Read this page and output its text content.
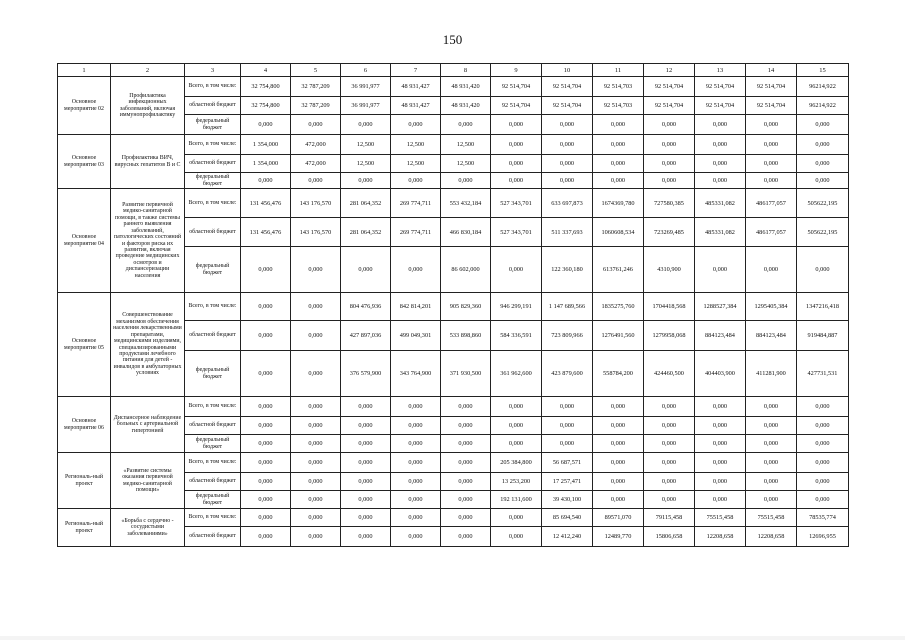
150
1	2	3	4	5	6	7	8	9	10	11	12	13	14	15
Основное мероприятие 02	Профилактика инфекционных заболеваний, включая иммунопрофилактику	Всего, в том числе:	32 754,800	32 787,209	36 991,977	48 931,427	48 931,420	92 514,704	92 514,704	92 514,703	92 514,704	92 514,704	92 514,704	96214,922
		областной бюджет	32 754,800	32 787,209	36 991,977	48 931,427	48 931,420	92 514,704	92 514,704	92 514,703	92 514,704	92 514,704	92 514,704	96214,922
		федеральный бюджет	0,000	0,000	0,000	0,000	0,000	0,000	0,000	0,000	0,000	0,000	0,000	0,000
Основное мероприятие 03	Профилактика ВИЧ, вирусных гепатитов В и С	Всего, в том числе:	1 354,000	472,000	12,500	12,500	12,500	0,000	0,000	0,000	0,000	0,000	0,000	0,000
		областной бюджет	1 354,000	472,000	12,500	12,500	12,500	0,000	0,000	0,000	0,000	0,000	0,000	0,000
		федеральный бюджет	0,000	0,000	0,000	0,000	0,000	0,000	0,000	0,000	0,000	0,000	0,000	0,000
Основное мероприятие 04	Развитие первичной медико-санитарной помощи, в также системы раннего выявления заболеваний, патологических состояний и факторов риска их развития, включая проведение медицинских осмотров и диспансеризации населения	Всего, в том числе:	131 456,476	143 176,570	281 064,352	269 774,711	553 432,184	527 343,701	633 697,873	1674369,780	727580,385	485331,082	486177,057	505622,195
		областной бюджет	131 456,476	143 176,570	281 064,352	269 774,711	466 830,184	527 343,701	511 337,693	1060608,534	723269,485	485331,082	486177,057	505622,195
		федеральный бюджет	0,000	0,000	0,000	0,000	86 602,000	0,000	122 360,180	613761,246	4310,900	0,000	0,000	0,000
Основное мероприятие 05	Совершенствование механизмов обеспечения населения лекарственными препаратами, медицинскими изделиями, специализированными продуктами лечебного питания для детей - инвалидов в амбулаторных условиях	Всего, в том числе:	0,000	0,000	804 476,936	842 814,201	905 829,360	946 299,191	1 147 689,566	1835275,760	1704418,568	1288527,384	1295405,384	1347216,418
		областной бюджет	0,000	0,000	427 897,036	499 049,301	533 898,860	584 336,591	723 809,966	1276491,560	1279958,068	884123,484	884123,484	919484,887
		федеральный бюджет	0,000	0,000	376 579,900	343 764,900	371 930,500	361 962,600	423 879,600	558784,200	424460,500	404403,900	411281,900	427731,531
Основное мероприятие 06	Диспансерное наблюдение больных с артериальной гипертонией	Всего, в том числе:	0,000	0,000	0,000	0,000	0,000	0,000	0,000	0,000	0,000	0,000	0,000	0,000
		областной бюджет	0,000	0,000	0,000	0,000	0,000	0,000	0,000	0,000	0,000	0,000	0,000	0,000
		федеральный бюджет	0,000	0,000	0,000	0,000	0,000	0,000	0,000	0,000	0,000	0,000	0,000	0,000
Региональ-ный проект	«Развитие системы оказания первичной медико-санитарной помощи»	Всего, в том числе:	0,000	0,000	0,000	0,000	0,000	205 384,800	56 687,571	0,000	0,000	0,000	0,000	0,000
		областной бюджет	0,000	0,000	0,000	0,000	0,000	13 253,200	17 257,471	0,000	0,000	0,000	0,000	0,000
		федеральный бюджет	0,000	0,000	0,000	0,000	0,000	192 131,600	39 430,100	0,000	0,000	0,000	0,000	0,000
Региональ-ный проект	«Борьба с сердечно - сосудистыми заболеваниями»	Всего, в том числе:	0,000	0,000	0,000	0,000	0,000	0,000	85 694,540	89571,070	79115,458	75515,458	75515,458	78535,774
		областной бюджет	0,000	0,000	0,000	0,000	0,000	0,000	12 412,240	12489,770	15806,658	12208,658	12208,658	12696,955
